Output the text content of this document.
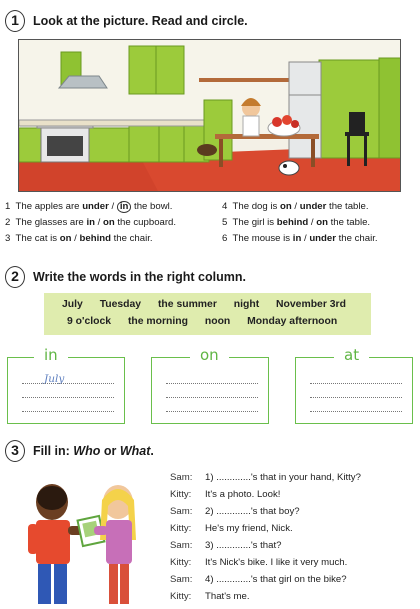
1	Look at the picture. Read and circle.
1 The apples are under / in the bowl.
2 The glasses are in / on the cupboard.
3 The cat is on / behind the chair.
4 The dog is on / under the table.
5 The girl is behind / on the table.
6 The mouse is in / under the chair.
2	Write the words in the right column.
July Tuesday the summer night November 3rd
9 o'clock the morning noon Monday afternoon
in
July
on	at
3	Fill in: Who or What.
Sam: 1) .............'s that in your hand, Kitty?
Kitty: It's a photo. Look!
Sam: 2) .............'s that boy?
Kitty: He's my friend, Nick.
Sam: 3) .............'s that?
Kitty: It's Nick's bike. I like it very much.
Sam: 4) .............'s that girl on the bike?
Kitty: That's me.
